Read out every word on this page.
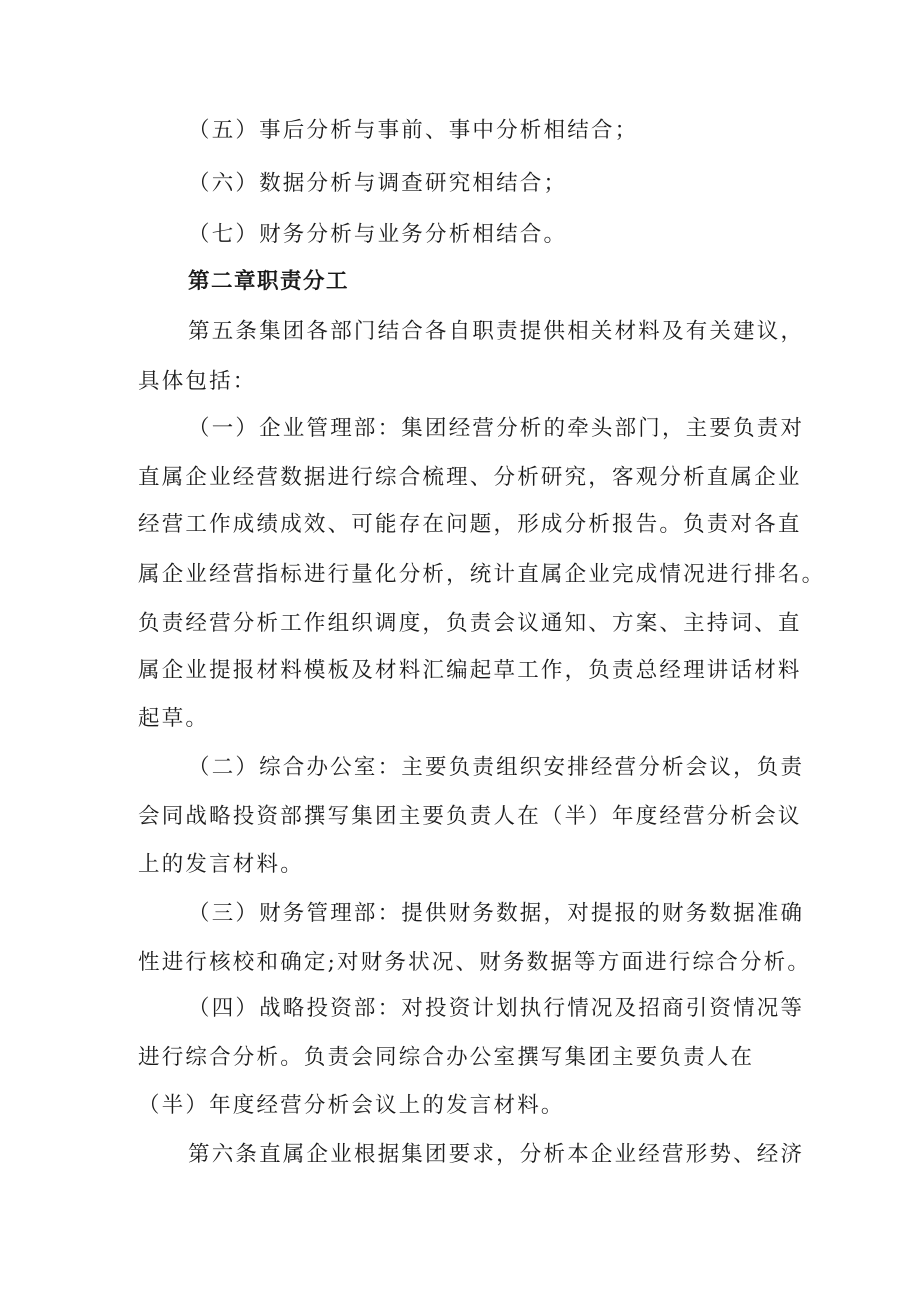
（五）事后分析与事前、事中分析相结合；
（六）数据分析与调查研究相结合；
（七）财务分析与业务分析相结合。
第二章职责分工
第五条集团各部门结合各自职责提供相关材料及有关建议，
具体包括：
（一）企业管理部：集团经营分析的牵头部门，主要负责对
直属企业经营数据进行综合梳理、分析研究，客观分析直属企业
经营工作成绩成效、可能存在问题，形成分析报告。负责对各直
属企业经营指标进行量化分析，统计直属企业完成情况进行排名。
负责经营分析工作组织调度，负责会议通知、方案、主持词、直
属企业提报材料模板及材料汇编起草工作，负责总经理讲话材料
起草。
（二）综合办公室：主要负责组织安排经营分析会议，负责
会同战略投资部撰写集团主要负责人在（半）年度经营分析会议
上的发言材料。
（三）财务管理部：提供财务数据，对提报的财务数据准确
性进行核校和确定;对财务状况、财务数据等方面进行综合分析。
（四）战略投资部：对投资计划执行情况及招商引资情况等
进行综合分析。负责会同综合办公室撰写集团主要负责人在
（半）年度经营分析会议上的发言材料。
第六条直属企业根据集团要求，分析本企业经营形势、经济
